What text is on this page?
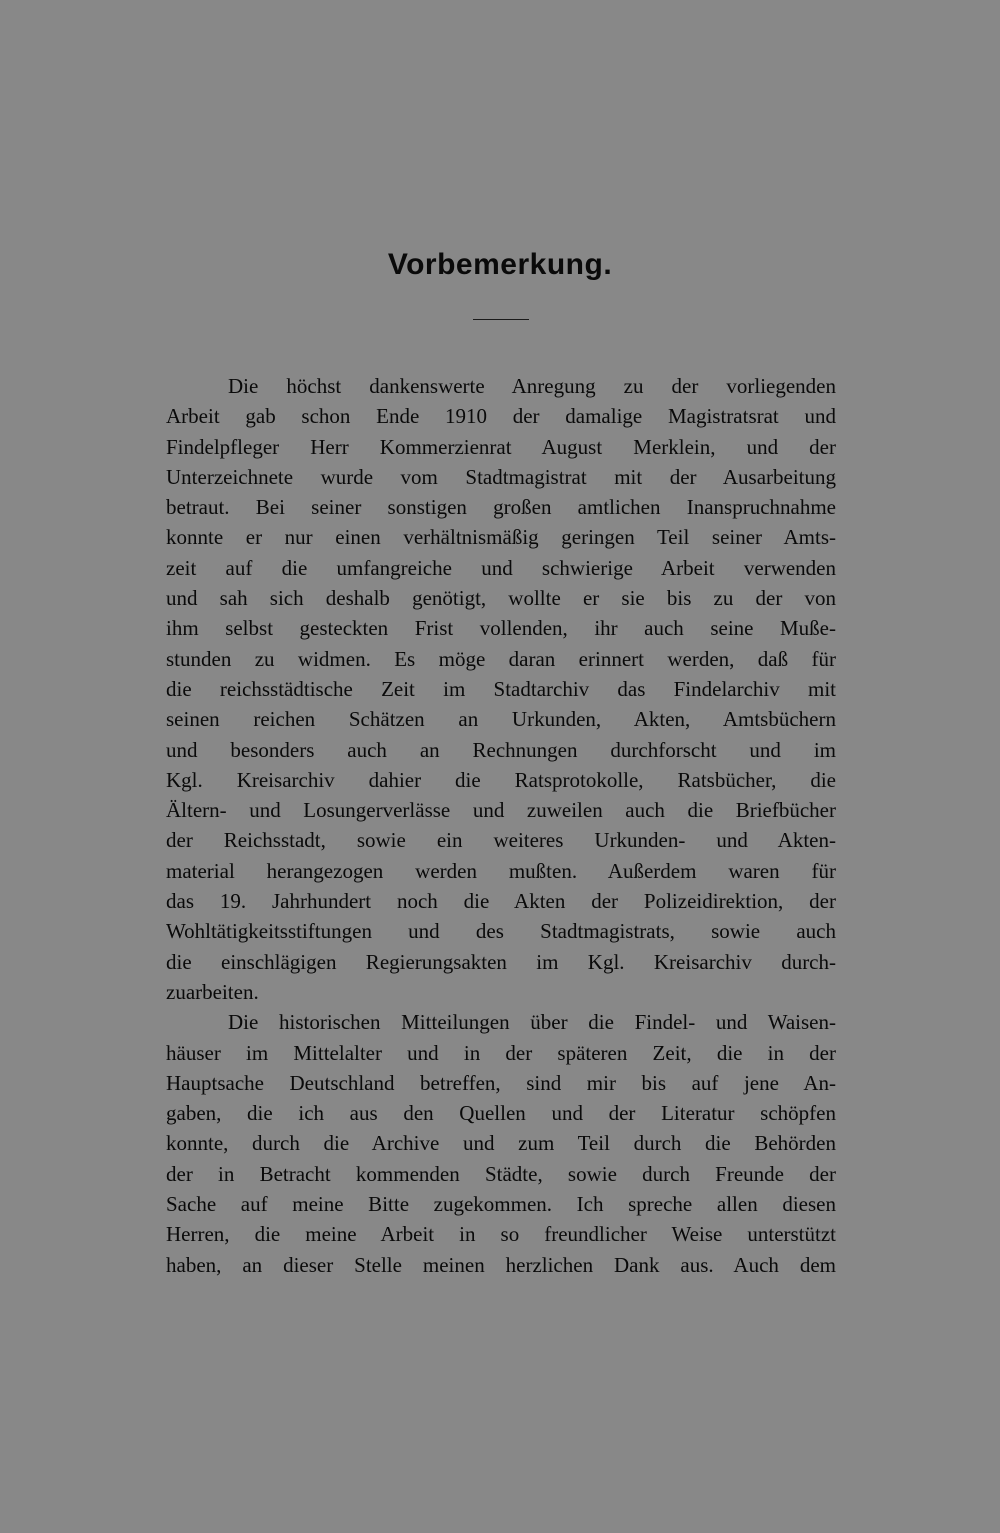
Vorbemerkung.
Die höchst dankenswerte Anregung zu der vorliegenden
Arbeit gab schon Ende 1910 der damalige Magistratsrat und
Findelpfleger Herr Kommerzienrat August Merklein, und der
Unterzeichnete wurde vom Stadtmagistrat mit der Ausarbeitung
betraut. Bei seiner sonstigen großen amtlichen Inanspruchnahme
konnte er nur einen verhältnismäßig geringen Teil seiner Amts-
zeit auf die umfangreiche und schwierige Arbeit verwenden
und sah sich deshalb genötigt, wollte er sie bis zu der von
ihm selbst gesteckten Frist vollenden, ihr auch seine Muße-
stunden zu widmen. Es möge daran erinnert werden, daß für
die reichsstädtische Zeit im Stadtarchiv das Findelarchiv mit
seinen reichen Schätzen an Urkunden, Akten, Amtsbüchern
und besonders auch an Rechnungen durchforscht und im
Kgl. Kreisarchiv dahier die Ratsprotokolle, Ratsbücher, die
Ältern- und Losungerverlässe und zuweilen auch die Briefbücher
der Reichsstadt, sowie ein weiteres Urkunden- und Akten-
material herangezogen werden mußten. Außerdem waren für
das 19. Jahrhundert noch die Akten der Polizeidirektion, der
Wohltätigkeitsstiftungen und des Stadtmagistrats, sowie auch
die einschlägigen Regierungsakten im Kgl. Kreisarchiv durch-
zuarbeiten.
Die historischen Mitteilungen über die Findel- und Waisen-
häuser im Mittelalter und in der späteren Zeit, die in der
Hauptsache Deutschland betreffen, sind mir bis auf jene An-
gaben, die ich aus den Quellen und der Literatur schöpfen
konnte, durch die Archive und zum Teil durch die Behörden
der in Betracht kommenden Städte, sowie durch Freunde der
Sache auf meine Bitte zugekommen. Ich spreche allen diesen
Herren, die meine Arbeit in so freundlicher Weise unterstützt
haben, an dieser Stelle meinen herzlichen Dank aus. Auch dem
